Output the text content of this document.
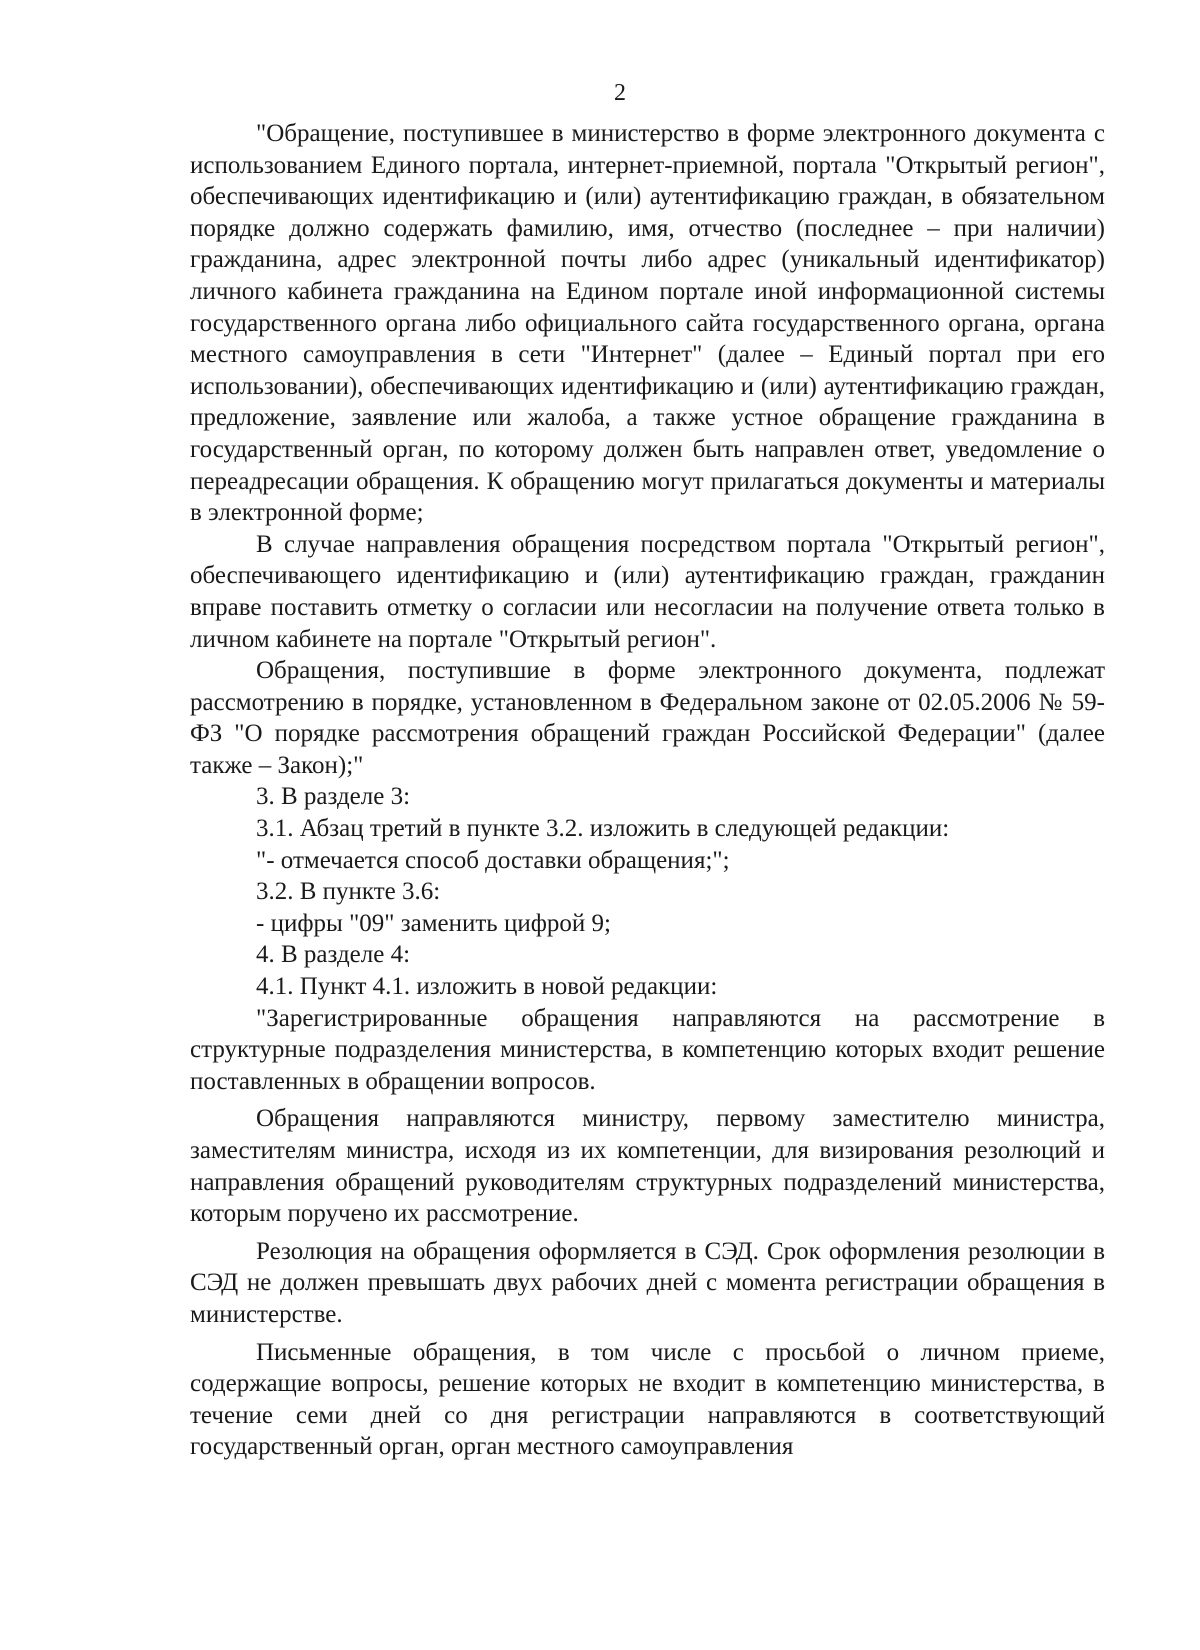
2

"Обращение, поступившее в министерство в форме электронного документа с использованием Единого портала, интернет-приемной, портала "Открытый регион", обеспечивающих идентификацию и (или) аутентификацию граждан, в обязательном порядке должно содержать фамилию, имя, отчество (последнее – при наличии) гражданина, адрес электронной почты либо адрес (уникальный идентификатор) личного кабинета гражданина на Едином портале иной информационной системы государственного органа либо официального сайта государственного органа, органа местного самоуправления в сети "Интернет" (далее – Единый портал при его использовании), обеспечивающих идентификацию и (или) аутентификацию граждан, предложение, заявление или жалоба, а также устное обращение гражданина в государственный орган, по которому должен быть направлен ответ, уведомление о переадресации обращения. К обращению могут прилагаться документы и материалы в электронной форме;

В случае направления обращения посредством портала "Открытый регион", обеспечивающего идентификацию и (или) аутентификацию граждан, гражданин вправе поставить отметку о согласии или несогласии на получение ответа только в личном кабинете на портале "Открытый регион".

Обращения, поступившие в форме электронного документа, подлежат рассмотрению в порядке, установленном в Федеральном законе от 02.05.2006 № 59-ФЗ "О порядке рассмотрения обращений граждан Российской Федерации" (далее также – Закон);"

3. В разделе 3:

3.1. Абзац третий в пункте 3.2. изложить в следующей редакции:

"- отмечается способ доставки обращения;";

3.2. В пункте 3.6:

- цифры "09" заменить цифрой 9;

4. В разделе 4:

4.1. Пункт 4.1. изложить в новой редакции:

"Зарегистрированные обращения направляются на рассмотрение в структурные подразделения министерства, в компетенцию которых входит решение поставленных в обращении вопросов.

Обращения направляются министру, первому заместителю министра, заместителям министра, исходя из их компетенции, для визирования резолюций и направления обращений руководителям структурных подразделений министерства, которым поручено их рассмотрение.

Резолюция на обращения оформляется в СЭД. Срок оформления резолюции в СЭД не должен превышать двух рабочих дней с момента регистрации обращения в министерстве.

Письменные обращения, в том числе с просьбой о личном приеме, содержащие вопросы, решение которых не входит в компетенцию министерства, в течение семи дней со дня регистрации направляются в соответствующий государственный орган, орган местного самоуправления
